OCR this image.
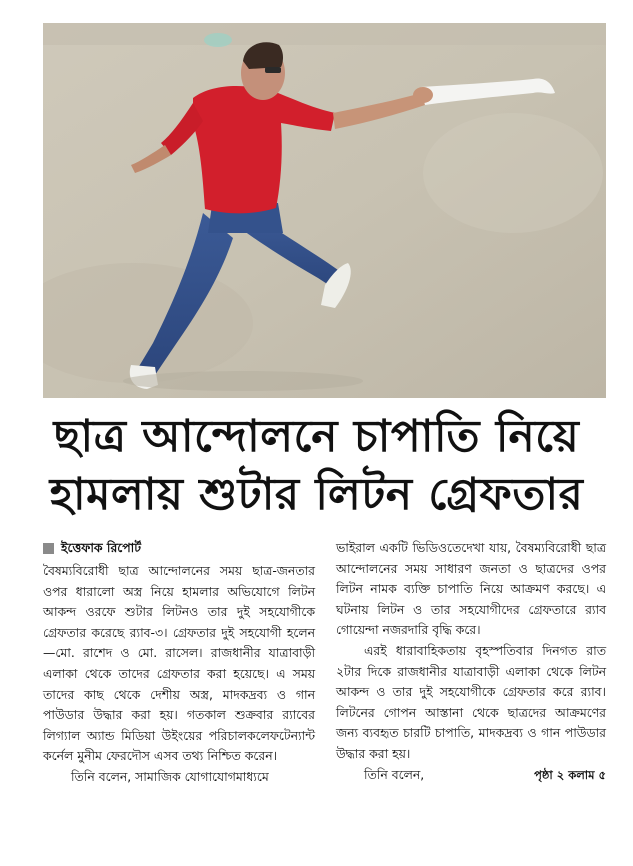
ছাত্র আন্দোলনে চাপাতি নিয়ে
হামলায় শুটার লিটন গ্রেফতার
ইত্তেফাক রিপোর্ট

বৈষম্যবিরোধী ছাত্র আন্দোলনের সময় ছাত্র-জনতার ওপর ধারালো অস্ত্র নিয়ে হামলার অভিযোগে লিটন আকন্দ ওরফে শুটার লিটনও তার দুই সহযোগীকে গ্রেফতার করেছে র‍্যাব-৩। গ্রেফতার দুই সহযোগী হলেন—মো. রাশেদ ও মো. রাসেল। রাজধানীর যাত্রাবাড়ী এলাকা থেকে তাদের গ্রেফতার করা হয়েছে। এ সময় তাদের কাছ থেকে দেশীয় অস্ত্র, মাদকদ্রব্য ও গান পাউডার উদ্ধার করা হয়। গতকাল শুক্রবার র‍্যাবের লিগ্যাল অ্যান্ড মিডিয়া উইংয়ের পরিচালকলেফটেন্যান্ট কর্নেল মুনীম ফেরদৌস এসব তথ্য নিশ্চিত করেন।

তিনি বলেন, সামাজিক যোগাযোগমাধ্যমে

ভাইরাল একটি ভিডিওতেদেখা যায়, বৈষম্যবিরোধী ছাত্র আন্দোলনের সময় সাধারণ জনতা ও ছাত্রদের ওপর লিটন নামক ব্যক্তি চাপাতি নিয়ে আক্রমণ করছে। এ ঘটনায় লিটন ও তার সহযোগীদের গ্রেফতারে র‍্যাব গোয়েন্দা নজরদারি বৃদ্ধি করে।

এরই ধারাবাহিকতায় বৃহস্পতিবার দিনগত রাত ২টার দিকে রাজধানীর যাত্রাবাড়ী এলাকা থেকে লিটন আকন্দ ও তার দুই সহযোগীকে গ্রেফতার করে র‍্যাব। লিটনের গোপন আস্তানা থেকে ছাত্রদের আক্রমণের জন্য ব্যবহৃত চারটি চাপাতি, মাদকদ্রব্য ও গান পাউডার উদ্ধার করা হয়।

তিনি বলেন,	পৃষ্ঠা ২ কলাম ৫
